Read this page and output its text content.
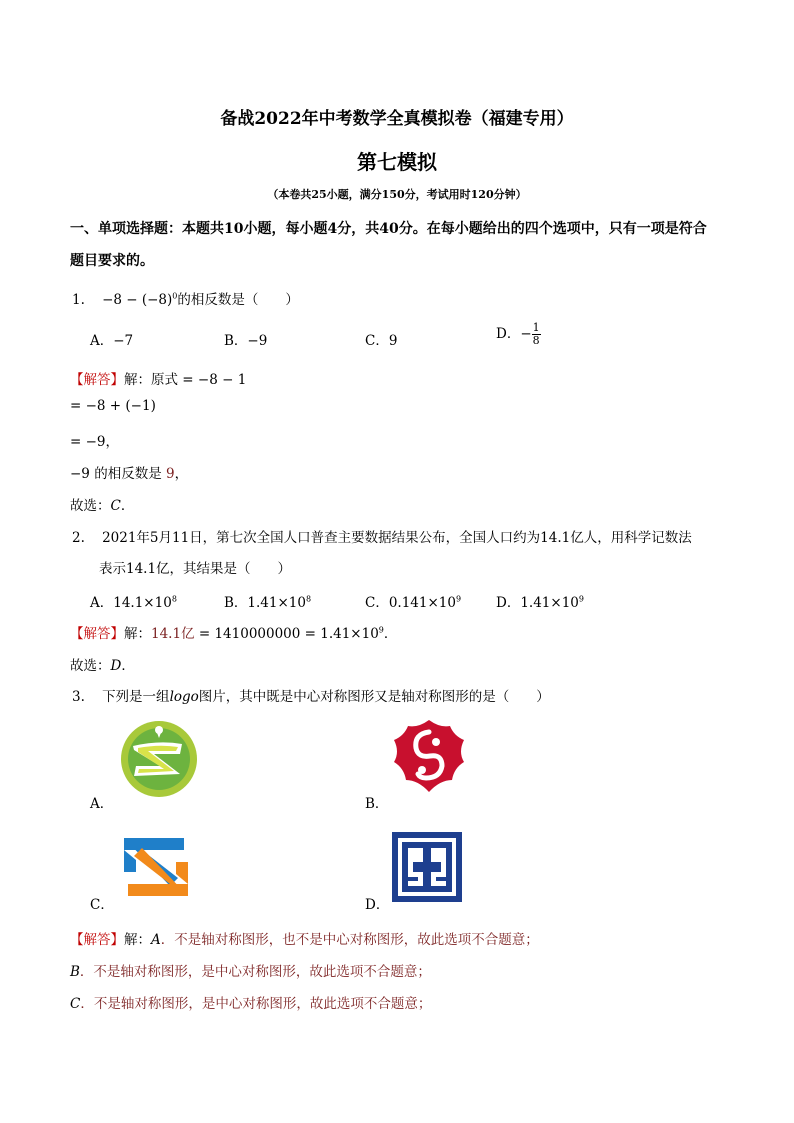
备战2022年中考数学全真模拟卷（福建专用）
第七模拟
（本卷共25小题，满分150分，考试用时120分钟）
一、单项选择题：本题共10小题，每小题4分，共40分。在每小题给出的四个选项中，只有一项是符合
题目要求的。
1. $-8 - (-8)^0$的相反数是（　　）
A．−7	B．−9	C．9	D．− $\frac{1}{8}$
【解答】解：原式 = −8 − 1
= −8 + (−1)
= −9，
−9 的相反数是 9，
故选：C．
2. 2021年5月11日，第七次全国人口普查主要数据结果公布，全国人口约为14.1亿人，用科学记数法
表示14.1亿，其结果是（　　）
A．$14.1\times 10^8$	B．$1.41\times 10^8$	C．$0.141\times 10^9$	D．$1.41\times 10^9$
【解答】解：14.1亿 = $1410000000 = 1.41\times 10^9$．
故选：D．
3. 下列是一组logo图片，其中既是中心对称图形又是轴对称图形的是（　　）
A．	B．
C．	D．
【解答】解：A．不是轴对称图形，也不是中心对称图形，故此选项不合题意；
B．不是轴对称图形，是中心对称图形，故此选项不合题意；
C．不是轴对称图形，是中心对称图形，故此选项不合题意；
